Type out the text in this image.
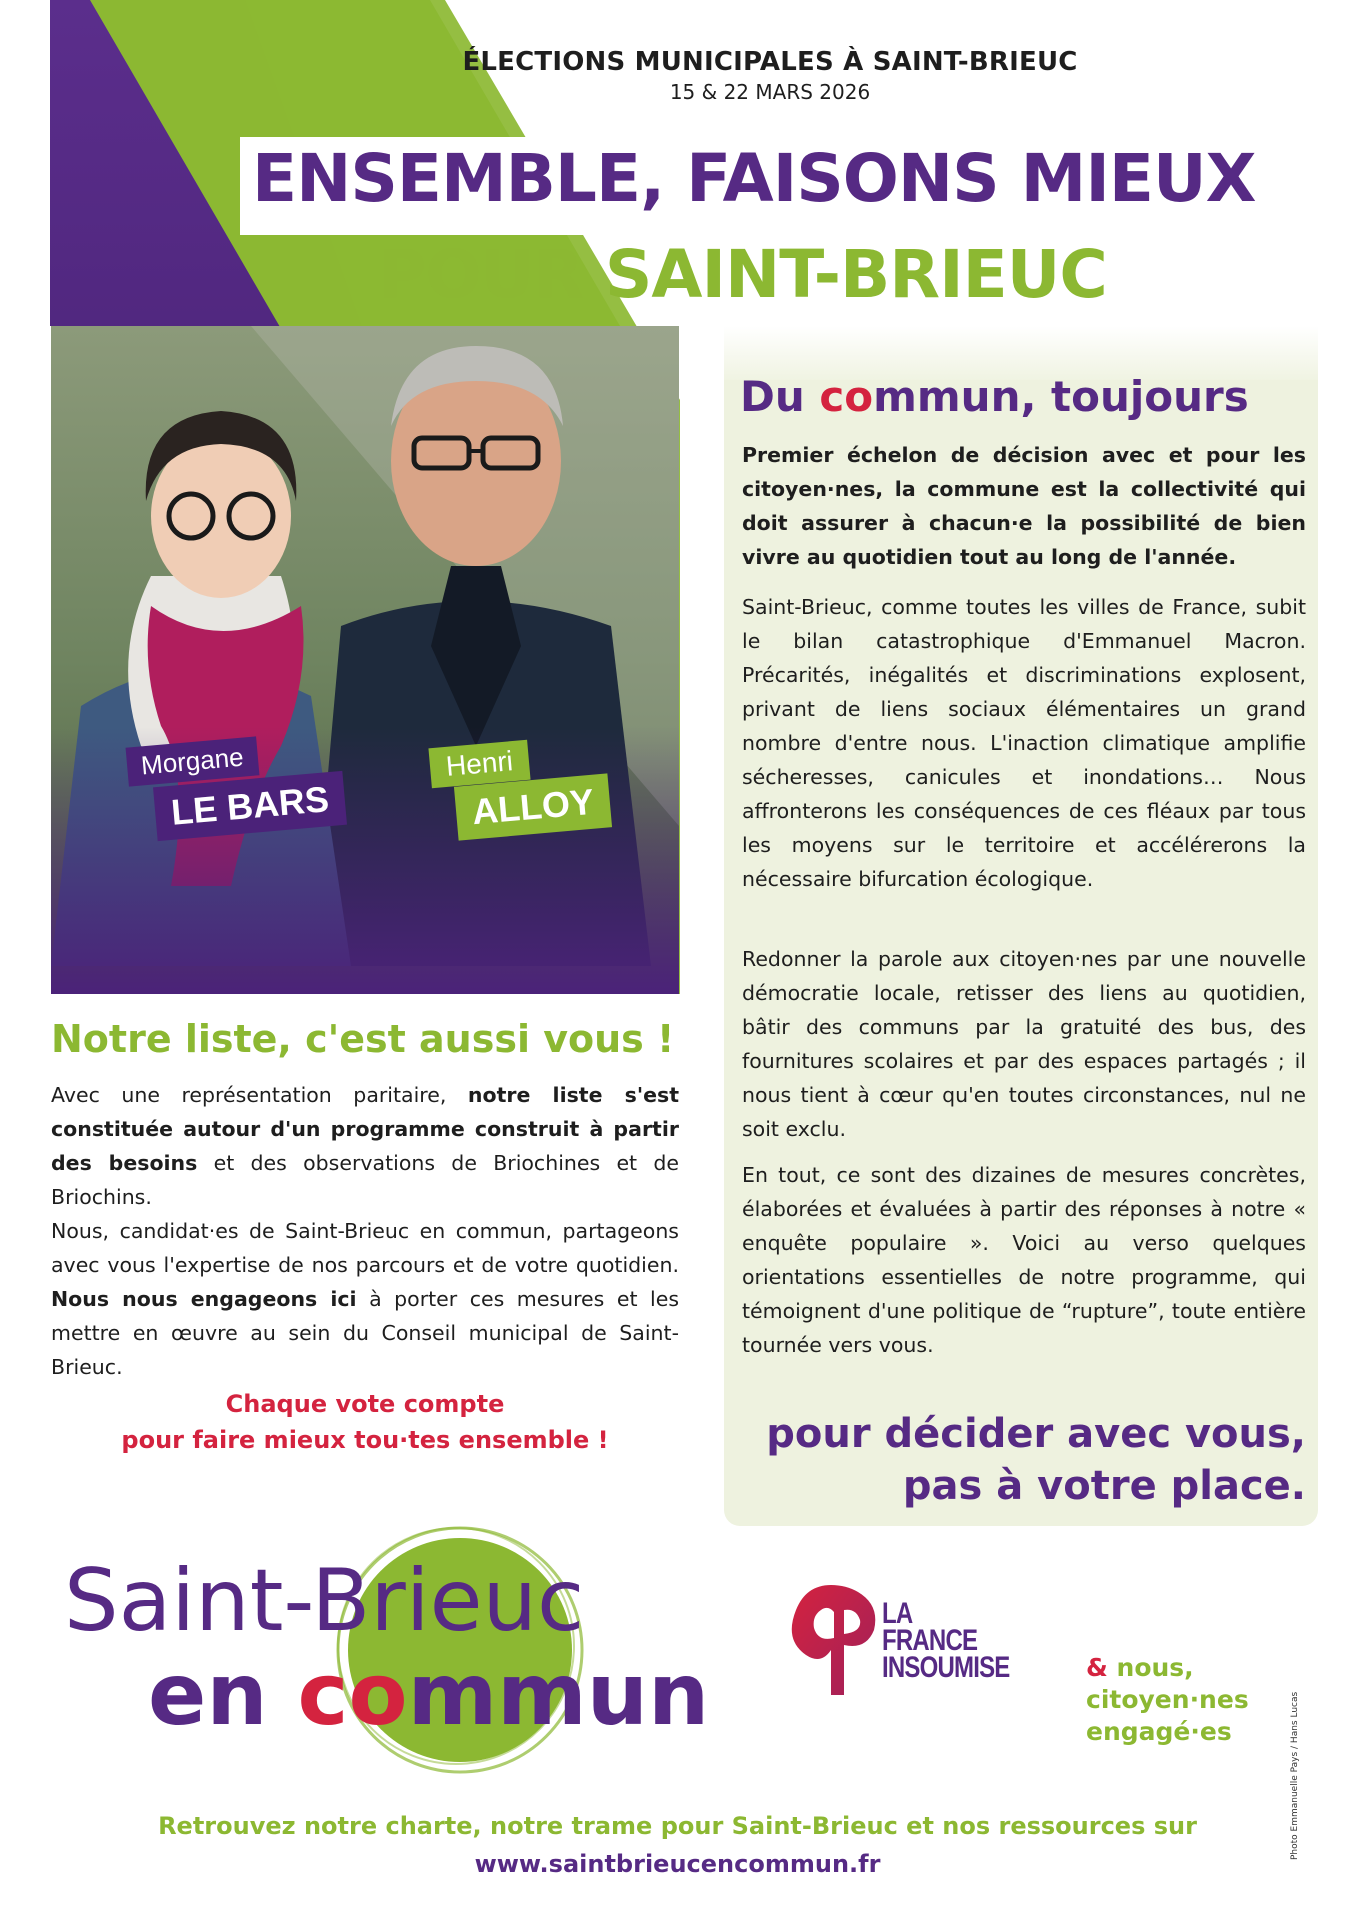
ÉLECTIONS MUNICIPALES À SAINT-BRIEUC
15 & 22 MARS 2026
ENSEMBLE, FAISONS MIEUX
POUR SAINT-BRIEUC
Morgane
LE BARS
Henri
ALLOY
Du commun, toujours
Premier échelon de décision avec et pour les citoyen·nes, la commune est la collectivité qui doit assurer à chacun·e la possibilité de bien vivre au quotidien tout au long de l'année.
Saint-Brieuc, comme toutes les villes de France, subit le bilan catastrophique d'Emmanuel Macron. Précarités, inégalités et discriminations explosent, privant de liens sociaux élémentaires un grand nombre d'entre nous. L'inaction climatique amplifie sécheresses, canicules et inondations… Nous affronterons les conséquences de ces fléaux par tous les moyens sur le territoire et accélérerons la nécessaire bifurcation écologique.
Redonner la parole aux citoyen·nes par une nouvelle démocratie locale, retisser des liens au quotidien, bâtir des communs par la gratuité des bus, des fournitures scolaires et par des espaces partagés ; il nous tient à cœur qu'en toutes circonstances, nul ne soit exclu.
En tout, ce sont des dizaines de mesures concrètes, élaborées et évaluées à partir des réponses à notre « enquête populaire ». Voici au verso quelques orientations essentielles de notre programme, qui témoignent d'une politique de “rupture”, toute entière tournée vers vous.
pour décider avec vous,
pas à votre place.
Notre liste, c'est aussi vous !
Avec une représentation paritaire, notre liste s'est constituée autour d'un programme construit à partir des besoins et des observations de Briochines et de Briochins.
Nous, candidat·es de Saint-Brieuc en commun, partageons avec vous l'expertise de nos parcours et de votre quotidien. Nous nous engageons ici à porter ces mesures et les mettre en œuvre au sein du Conseil municipal de Saint-Brieuc.
Chaque vote compte
pour faire mieux tou·tes ensemble !
Saint-Brieuc
en commun
LA
FRANCE
INSOUMISE	& nous,
citoyen·nes
engagé·es	Photo Emmanuelle Pays / Hans Lucas
Retrouvez notre charte, notre trame pour Saint-Brieuc et nos ressources sur
www.saintbrieucencommun.fr
